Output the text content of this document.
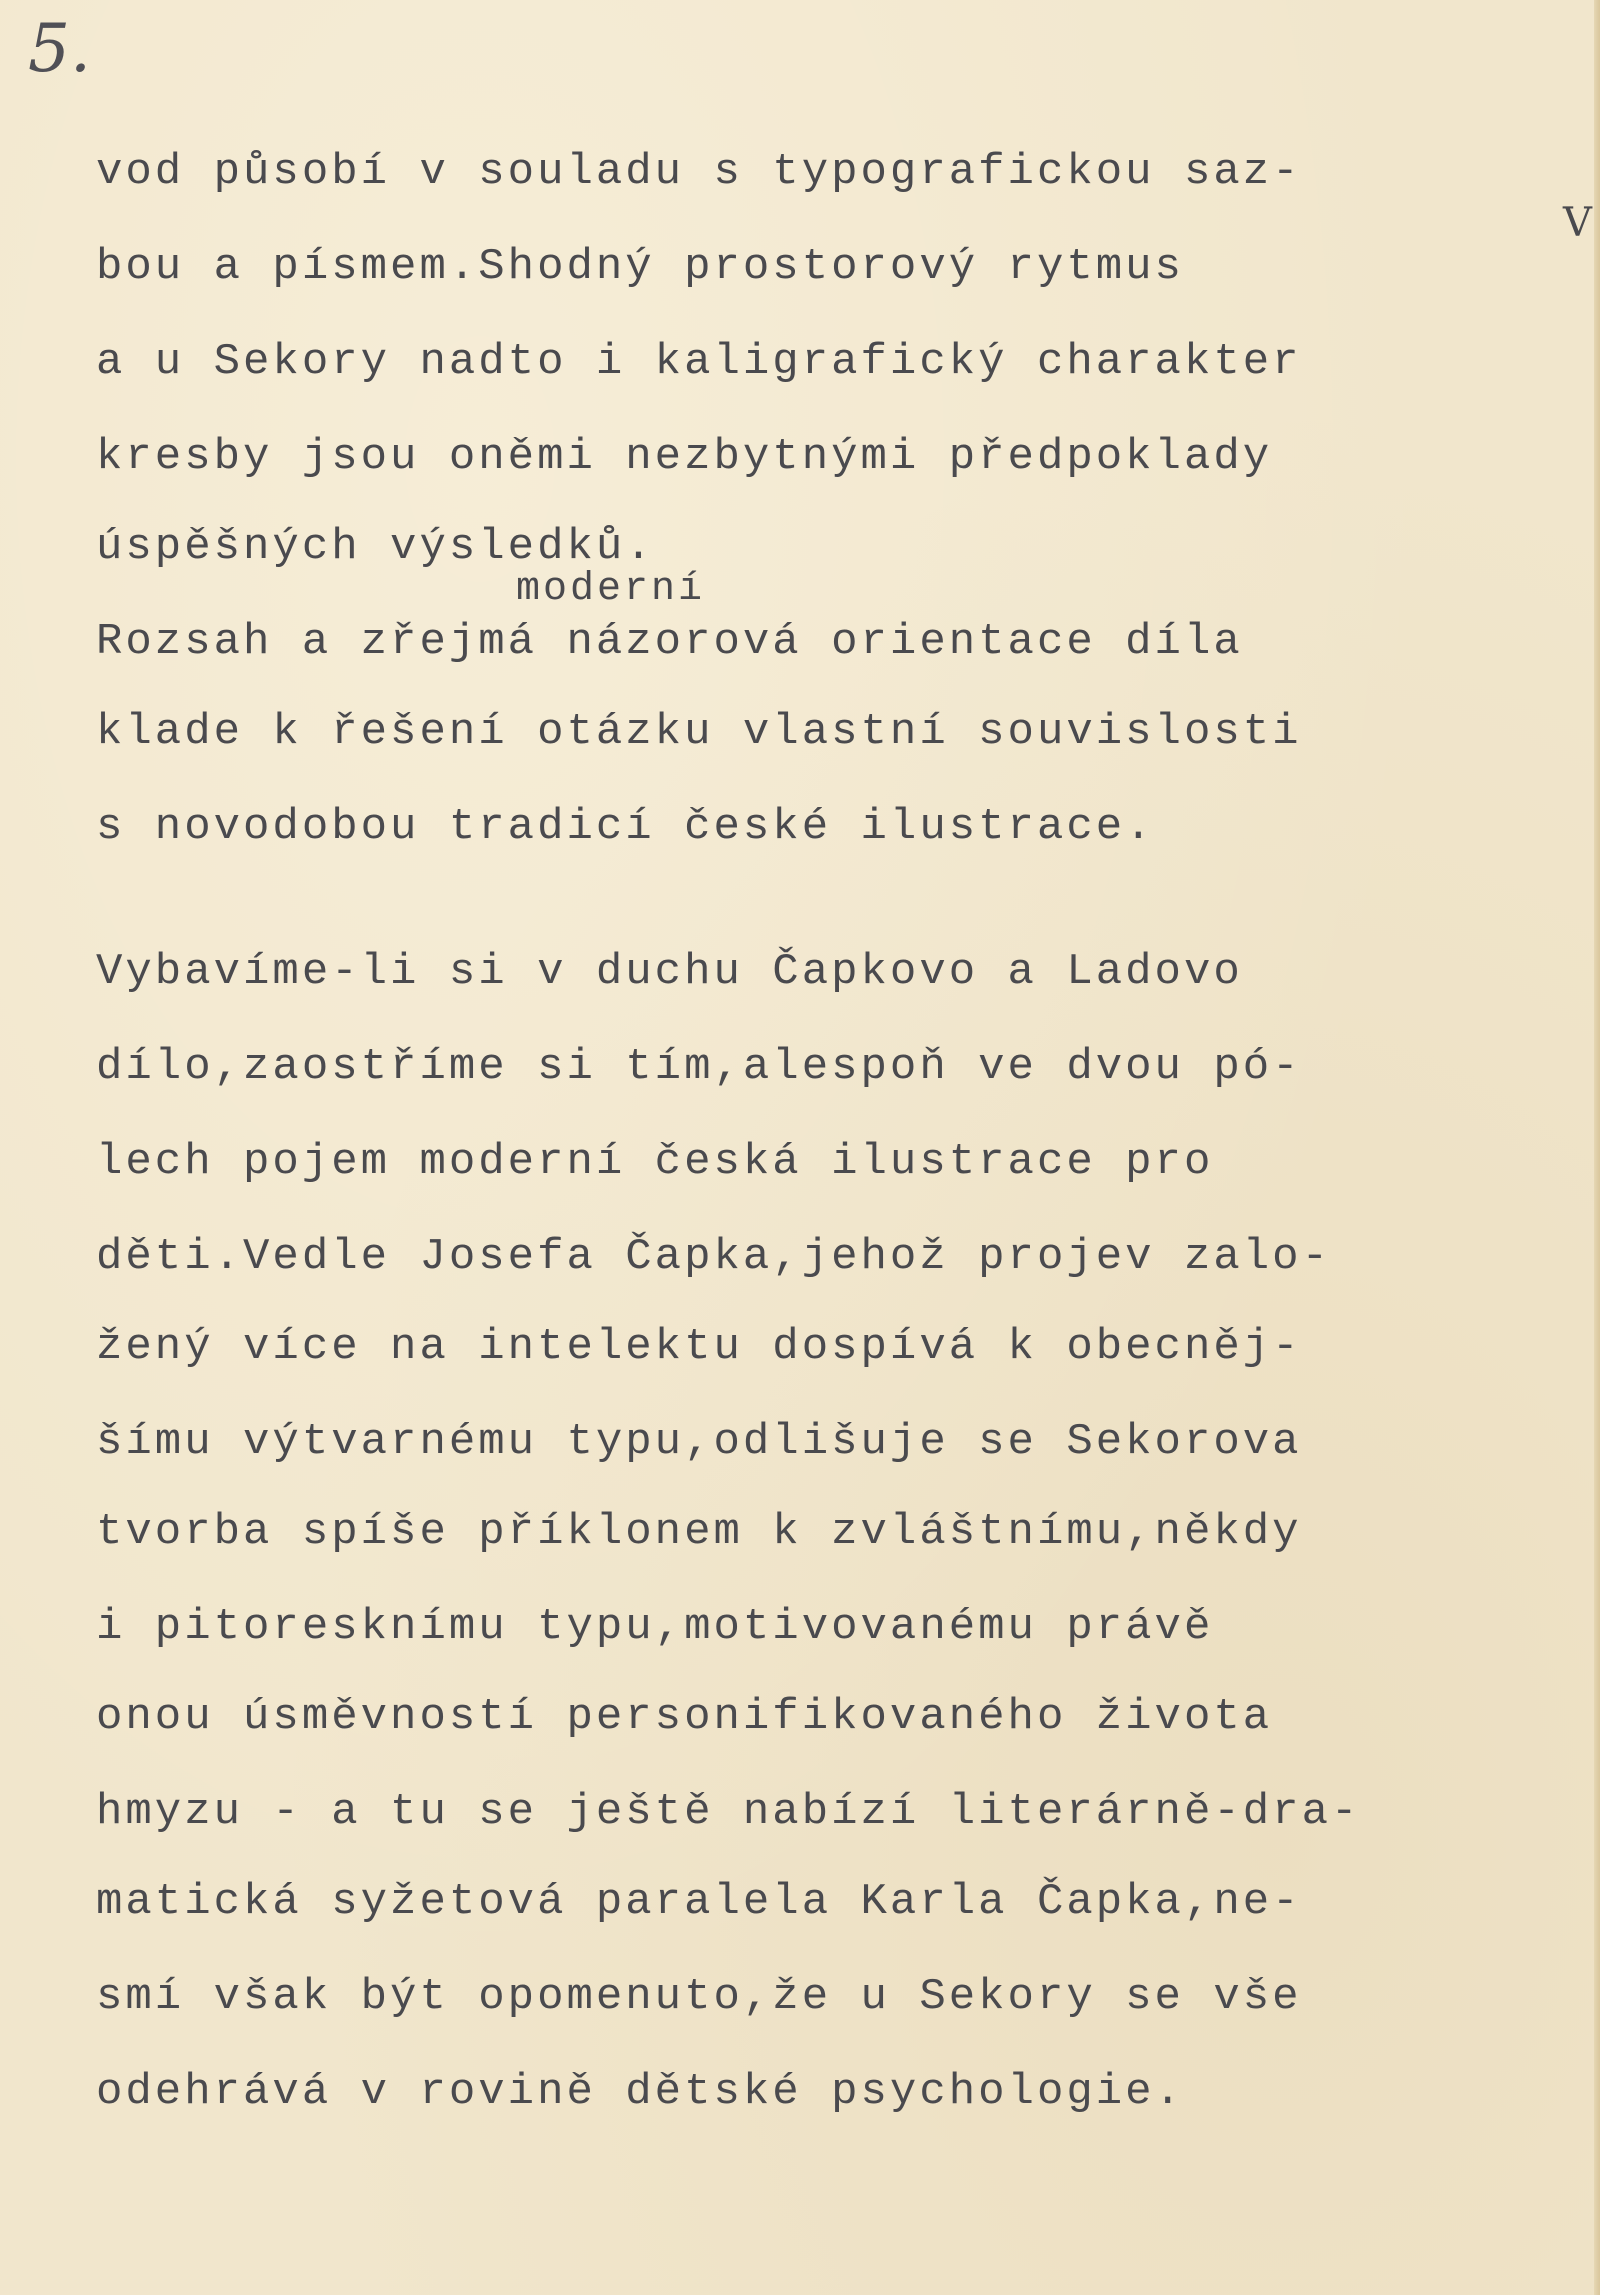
5.
V
moderní
vod působí v souladu s typografickou saz-
bou a písmem.Shodný prostorový rytmus
a u Sekory nadto i kaligrafický charakter
kresby jsou oněmi nezbytnými předpoklady
úspěšných výsledků.
Rozsah a zřejmá názorová orientace díla
klade k řešení otázku vlastní souvislosti
s novodobou tradicí české ilustrace.
Vybavíme-li si v duchu Čapkovo a Ladovo
dílo,zaostříme si tím,alespoň ve dvou pó-
lech pojem moderní česká ilustrace pro
děti.Vedle Josefa Čapka,jehož projev zalo-
žený více na intelektu dospívá k obecněj-
šímu výtvarnému typu,odlišuje se Sekorova
tvorba spíše příklonem k zvláštnímu,někdy
i pitoresknímu typu,motivovanému právě
onou úsměvností personifikovaného života
hmyzu - a tu se ještě nabízí literárně-dra-
matická syžetová paralela Karla Čapka,ne-
smí však být opomenuto,že u Sekory se vše
odehrává v rovině dětské psychologie.
